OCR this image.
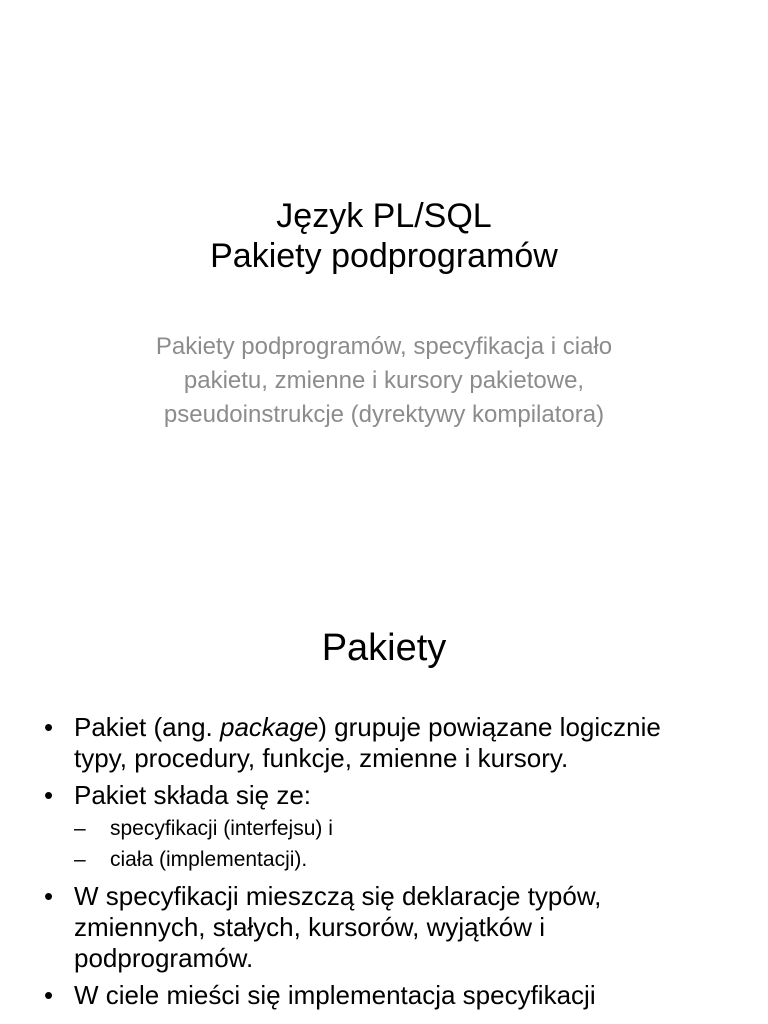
Język PL/SQL
Pakiety podprogramów
Pakiety podprogramów, specyfikacja i ciało pakietu, zmienne i kursory pakietowe, pseudoinstrukcje (dyrektywy kompilatora)
Pakiety
• Pakiet (ang. package) grupuje powiązane logicznie typy, procedury, funkcje, zmienne i kursory.
• Pakiet składa się ze:
– specyfikacji (interfejsu) i
– ciała (implementacji).
• W specyfikacji mieszczą się deklaracje typów, zmiennych, stałych, kursorów, wyjątków i podprogramów.
• W ciele mieści się implementacja specyfikacji
